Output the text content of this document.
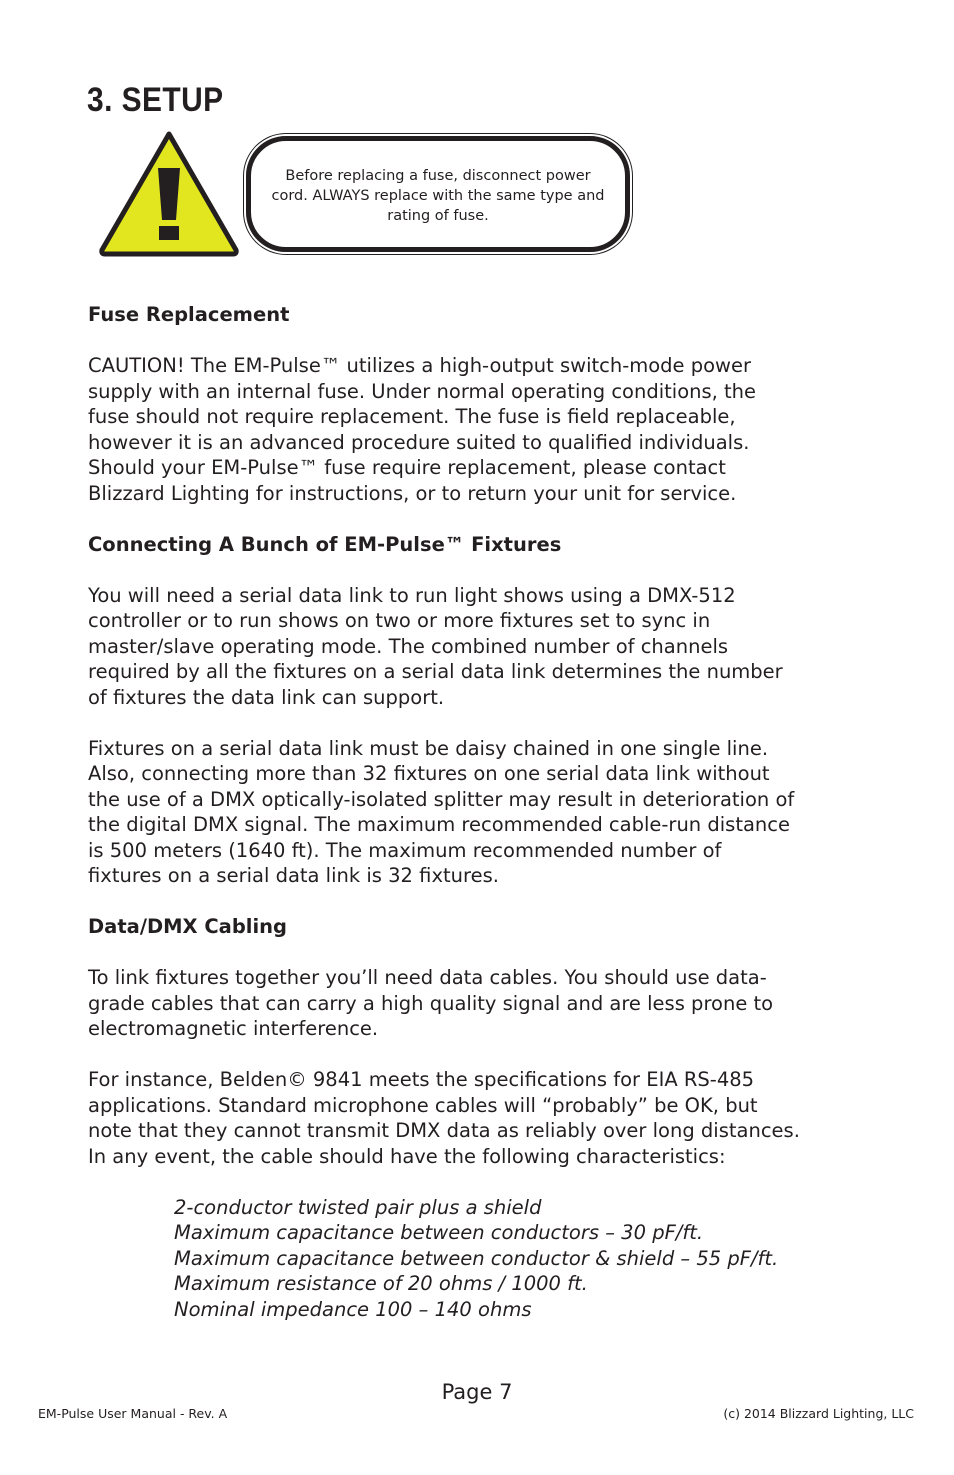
3. SETUP

Before replacing a fuse, disconnect power cord. ALWAYS replace with the same type and rating of fuse.

Fuse Replacement

CAUTION! The EM-Pulse™ utilizes a high-output switch-mode power
supply with an internal fuse. Under normal operating conditions, the
fuse should not require replacement. The fuse is field replaceable,
however it is an advanced procedure suited to qualified individuals.
Should your EM-Pulse™ fuse require replacement, please contact
Blizzard Lighting for instructions, or to return your unit for service.

Connecting A Bunch of EM-Pulse™ Fixtures

You will need a serial data link to run light shows using a DMX-512
controller or to run shows on two or more fixtures set to sync in
master/slave operating mode. The combined number of channels
required by all the fixtures on a serial data link determines the number
of fixtures the data link can support.

Fixtures on a serial data link must be daisy chained in one single line.
Also, connecting more than 32 fixtures on one serial data link without
the use of a DMX optically-isolated splitter may result in deterioration of
the digital DMX signal. The maximum recommended cable-run distance
is 500 meters (1640 ft). The maximum recommended number of
fixtures on a serial data link is 32 fixtures.

Data/DMX Cabling

To link fixtures together you’ll need data cables. You should use data-
grade cables that can carry a high quality signal and are less prone to
electromagnetic interference.

For instance, Belden© 9841 meets the specifications for EIA RS-485
applications. Standard microphone cables will “probably” be OK, but
note that they cannot transmit DMX data as reliably over long distances.
In any event, the cable should have the following characteristics:

2-conductor twisted pair plus a shield
Maximum capacitance between conductors – 30 pF/ft.
Maximum capacitance between conductor & shield – 55 pF/ft.
Maximum resistance of 20 ohms / 1000 ft.
Nominal impedance 100 – 140 ohms
Page 7
EM-Pulse User Manual - Rev. A	(c) 2014 Blizzard Lighting, LLC
